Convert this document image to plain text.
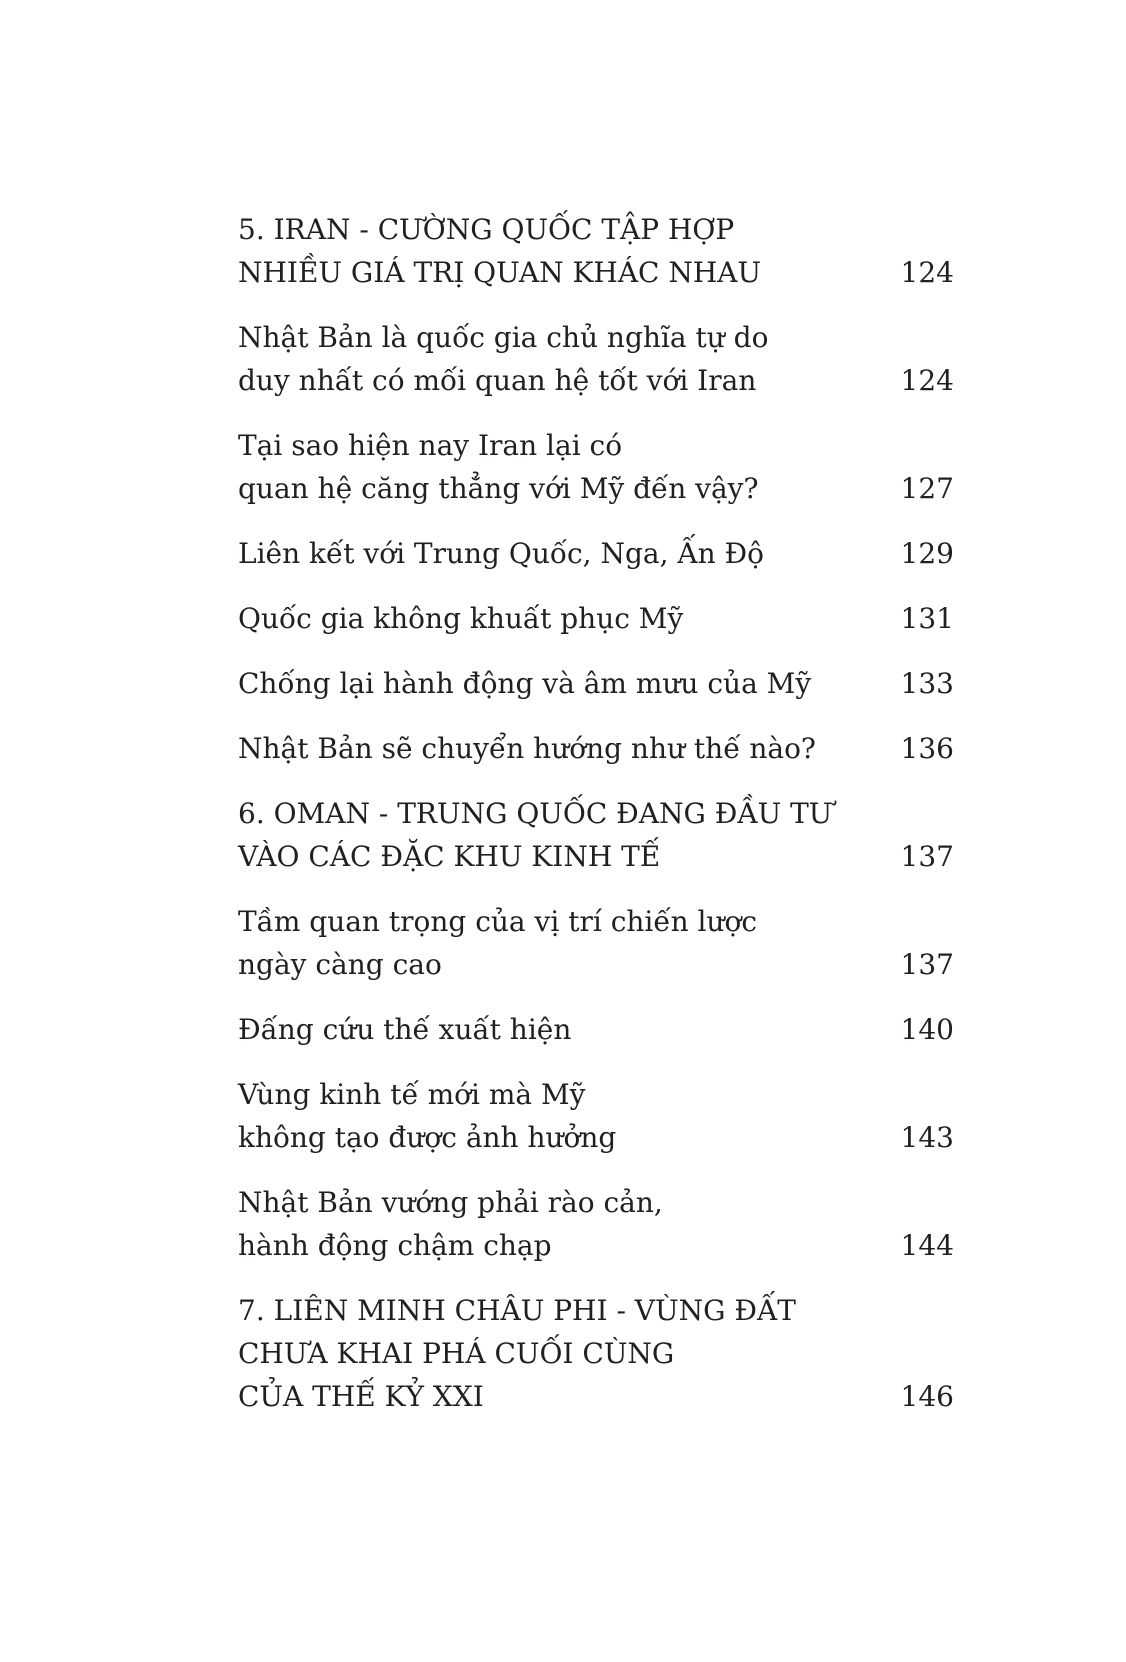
5. IRAN - CƯỜNG QUỐC TẬP HỢP
NHIỀU GIÁ TRỊ QUAN KHÁC NHAU	124
Nhật Bản là quốc gia chủ nghĩa tự do
duy nhất có mối quan hệ tốt với Iran	124
Tại sao hiện nay Iran lại có
quan hệ căng thẳng với Mỹ đến vậy?	127
Liên kết với Trung Quốc, Nga, Ấn Độ	129
Quốc gia không khuất phục Mỹ	131
Chống lại hành động và âm mưu của Mỹ	133
Nhật Bản sẽ chuyển hướng như thế nào?	136
6. OMAN - TRUNG QUỐC ĐANG ĐẦU TƯ
VÀO CÁC ĐẶC KHU KINH TẾ	137
Tầm quan trọng của vị trí chiến lược
ngày càng cao	137
Đấng cứu thế xuất hiện	140
Vùng kinh tế mới mà Mỹ
không tạo được ảnh hưởng	143
Nhật Bản vướng phải rào cản,
hành động chậm chạp	144
7. LIÊN MINH CHÂU PHI - VÙNG ĐẤT
CHƯA KHAI PHÁ CUỐI CÙNG
CỦA THẾ KỶ XXI	146
